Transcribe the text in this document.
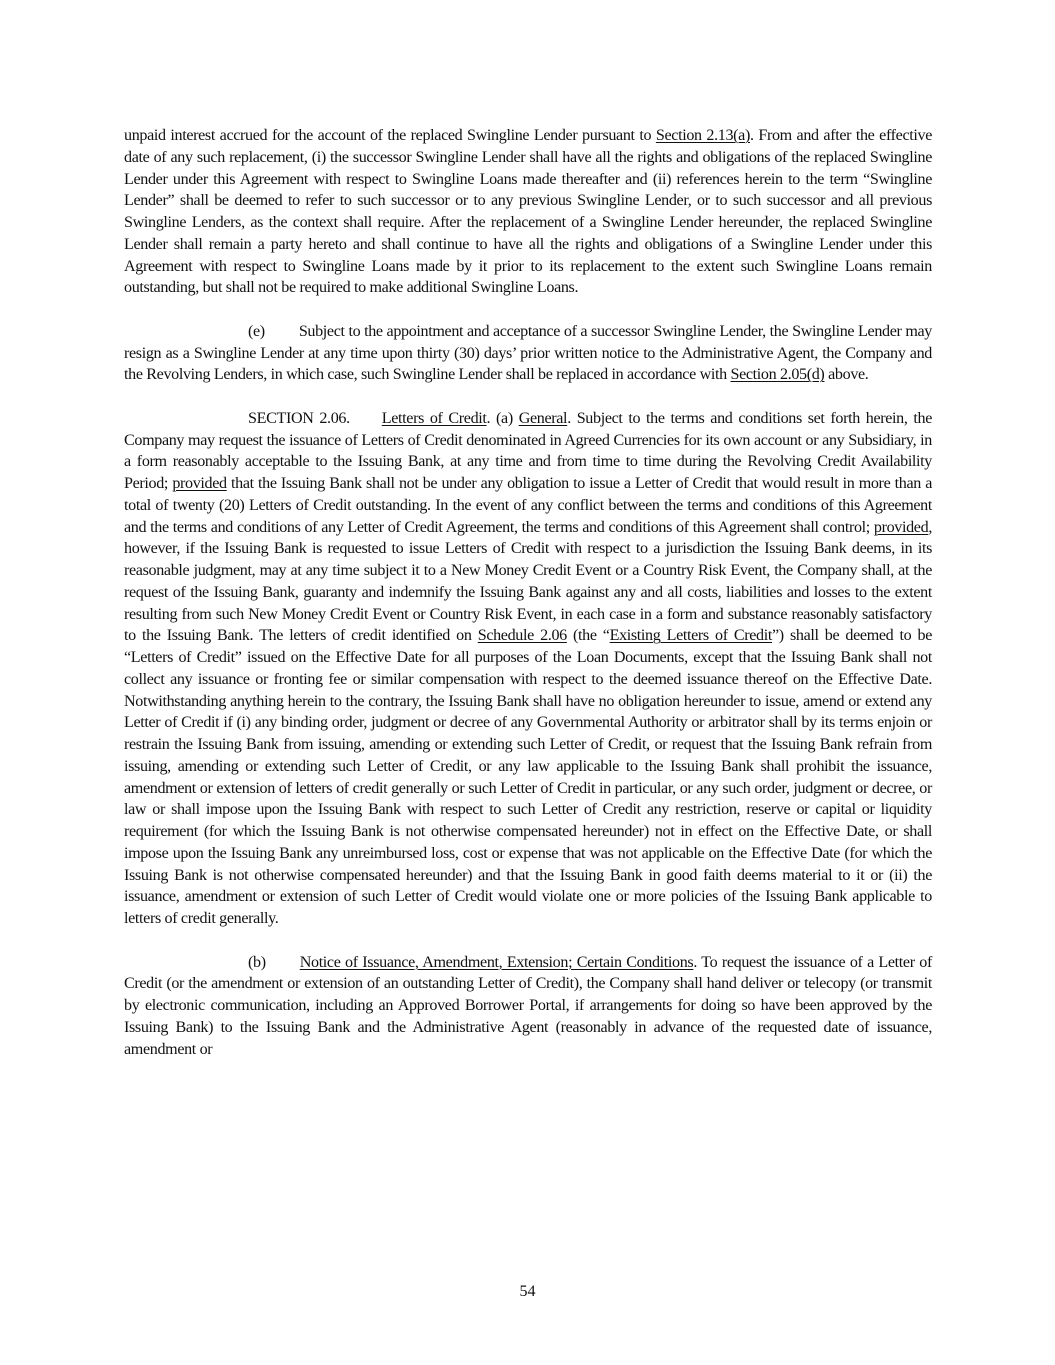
unpaid interest accrued for the account of the replaced Swingline Lender pursuant to Section 2.13(a). From and after the effective date of any such replacement, (i) the successor Swingline Lender shall have all the rights and obligations of the replaced Swingline Lender under this Agreement with respect to Swingline Loans made thereafter and (ii) references herein to the term “Swingline Lender” shall be deemed to refer to such successor or to any previous Swingline Lender, or to such successor and all previous Swingline Lenders, as the context shall require. After the replacement of a Swingline Lender hereunder, the replaced Swingline Lender shall remain a party hereto and shall continue to have all the rights and obligations of a Swingline Lender under this Agreement with respect to Swingline Loans made by it prior to its replacement to the extent such Swingline Loans remain outstanding, but shall not be required to make additional Swingline Loans.

(e) Subject to the appointment and acceptance of a successor Swingline Lender, the Swingline Lender may resign as a Swingline Lender at any time upon thirty (30) days’ prior written notice to the Administrative Agent, the Company and the Revolving Lenders, in which case, such Swingline Lender shall be replaced in accordance with Section 2.05(d) above.

SECTION 2.06. Letters of Credit. (a) General. Subject to the terms and conditions set forth herein, the Company may request the issuance of Letters of Credit denominated in Agreed Currencies for its own account or any Subsidiary, in a form reasonably acceptable to the Issuing Bank, at any time and from time to time during the Revolving Credit Availability Period; provided that the Issuing Bank shall not be under any obligation to issue a Letter of Credit that would result in more than a total of twenty (20) Letters of Credit outstanding. In the event of any conflict between the terms and conditions of this Agreement and the terms and conditions of any Letter of Credit Agreement, the terms and conditions of this Agreement shall control; provided, however, if the Issuing Bank is requested to issue Letters of Credit with respect to a jurisdiction the Issuing Bank deems, in its reasonable judgment, may at any time subject it to a New Money Credit Event or a Country Risk Event, the Company shall, at the request of the Issuing Bank, guaranty and indemnify the Issuing Bank against any and all costs, liabilities and losses to the extent resulting from such New Money Credit Event or Country Risk Event, in each case in a form and substance reasonably satisfactory to the Issuing Bank. The letters of credit identified on Schedule 2.06 (the “Existing Letters of Credit”) shall be deemed to be “Letters of Credit” issued on the Effective Date for all purposes of the Loan Documents, except that the Issuing Bank shall not collect any issuance or fronting fee or similar compensation with respect to the deemed issuance thereof on the Effective Date. Notwithstanding anything herein to the contrary, the Issuing Bank shall have no obligation hereunder to issue, amend or extend any Letter of Credit if (i) any binding order, judgment or decree of any Governmental Authority or arbitrator shall by its terms enjoin or restrain the Issuing Bank from issuing, amending or extending such Letter of Credit, or request that the Issuing Bank refrain from issuing, amending or extending such Letter of Credit, or any law applicable to the Issuing Bank shall prohibit the issuance, amendment or extension of letters of credit generally or such Letter of Credit in particular, or any such order, judgment or decree, or law or shall impose upon the Issuing Bank with respect to such Letter of Credit any restriction, reserve or capital or liquidity requirement (for which the Issuing Bank is not otherwise compensated hereunder) not in effect on the Effective Date, or shall impose upon the Issuing Bank any unreimbursed loss, cost or expense that was not applicable on the Effective Date (for which the Issuing Bank is not otherwise compensated hereunder) and that the Issuing Bank in good faith deems material to it or (ii) the issuance, amendment or extension of such Letter of Credit would violate one or more policies of the Issuing Bank applicable to letters of credit generally.

(b) Notice of Issuance, Amendment, Extension; Certain Conditions. To request the issuance of a Letter of Credit (or the amendment or extension of an outstanding Letter of Credit), the Company shall hand deliver or telecopy (or transmit by electronic communication, including an Approved Borrower Portal, if arrangements for doing so have been approved by the Issuing Bank) to the Issuing Bank and the Administrative Agent (reasonably in advance of the requested date of issuance, amendment or

54
